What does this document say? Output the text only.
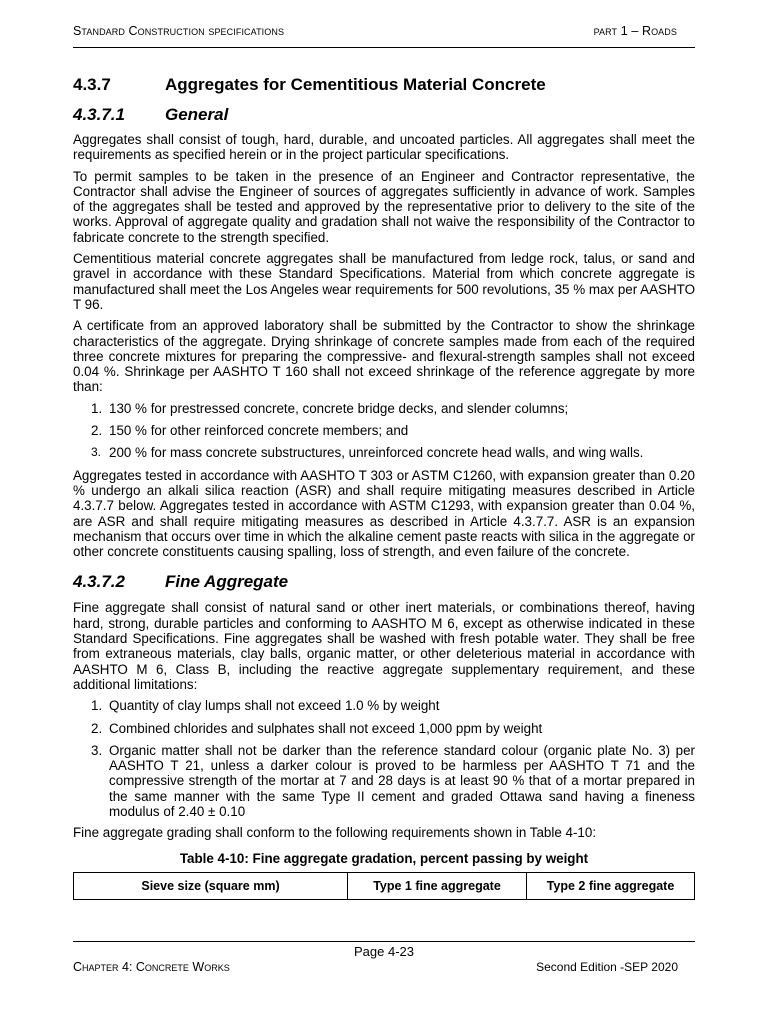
Standard Construction specifications	part 1 – Roads
4.3.7	Aggregates for Cementitious Material Concrete
4.3.7.1	General

Aggregates shall consist of tough, hard, durable, and uncoated particles. All aggregates shall meet the requirements as specified herein or in the project particular specifications.

To permit samples to be taken in the presence of an Engineer and Contractor representative, the Contractor shall advise the Engineer of sources of aggregates sufficiently in advance of work. Samples of the aggregates shall be tested and approved by the representative prior to delivery to the site of the works. Approval of aggregate quality and gradation shall not waive the responsibility of the Contractor to fabricate concrete to the strength specified.

Cementitious material concrete aggregates shall be manufactured from ledge rock, talus, or sand and gravel in accordance with these Standard Specifications. Material from which concrete aggregate is manufactured shall meet the Los Angeles wear requirements for 500 revolutions, 35 % max per AASHTO T 96.

A certificate from an approved laboratory shall be submitted by the Contractor to show the shrinkage characteristics of the aggregate. Drying shrinkage of concrete samples made from each of the required three concrete mixtures for preparing the compressive- and flexural-strength samples shall not exceed 0.04 %. Shrinkage per AASHTO T 160 shall not exceed shrinkage of the reference aggregate by more than:

1. 130 % for prestressed concrete, concrete bridge decks, and slender columns;
2. 150 % for other reinforced concrete members; and
3. 200 % for mass concrete substructures, unreinforced concrete head walls, and wing walls.

Aggregates tested in accordance with AASHTO T 303 or ASTM C1260, with expansion greater than 0.20 % undergo an alkali silica reaction (ASR) and shall require mitigating measures described in Article 4.3.7.7 below. Aggregates tested in accordance with ASTM C1293, with expansion greater than 0.04 %, are ASR and shall require mitigating measures as described in Article 4.3.7.7. ASR is an expansion mechanism that occurs over time in which the alkaline cement paste reacts with silica in the aggregate or other concrete constituents causing spalling, loss of strength, and even failure of the concrete.

4.3.7.2	Fine Aggregate

Fine aggregate shall consist of natural sand or other inert materials, or combinations thereof, having hard, strong, durable particles and conforming to AASHTO M 6, except as otherwise indicated in these Standard Specifications. Fine aggregates shall be washed with fresh potable water. They shall be free from extraneous materials, clay balls, organic matter, or other deleterious material in accordance with AASHTO M 6, Class B, including the reactive aggregate supplementary requirement, and these additional limitations:

1. Quantity of clay lumps shall not exceed 1.0 % by weight
2. Combined chlorides and sulphates shall not exceed 1,000 ppm by weight
3. Organic matter shall not be darker than the reference standard colour (organic plate No. 3) per AASHTO T 21, unless a darker colour is proved to be harmless per AASHTO T 71 and the compressive strength of the mortar at 7 and 28 days is at least 90 % that of a mortar prepared in the same manner with the same Type II cement and graded Ottawa sand having a fineness modulus of 2.40 ± 0.10

Fine aggregate grading shall conform to the following requirements shown in Table 4-10:

Table 4-10: Fine aggregate gradation, percent passing by weight
Sieve size (square mm)	Type 1 fine aggregate	Type 2 fine aggregate
Page 4-23
Chapter 4: Concrete Works	Second Edition -SEP 2020
